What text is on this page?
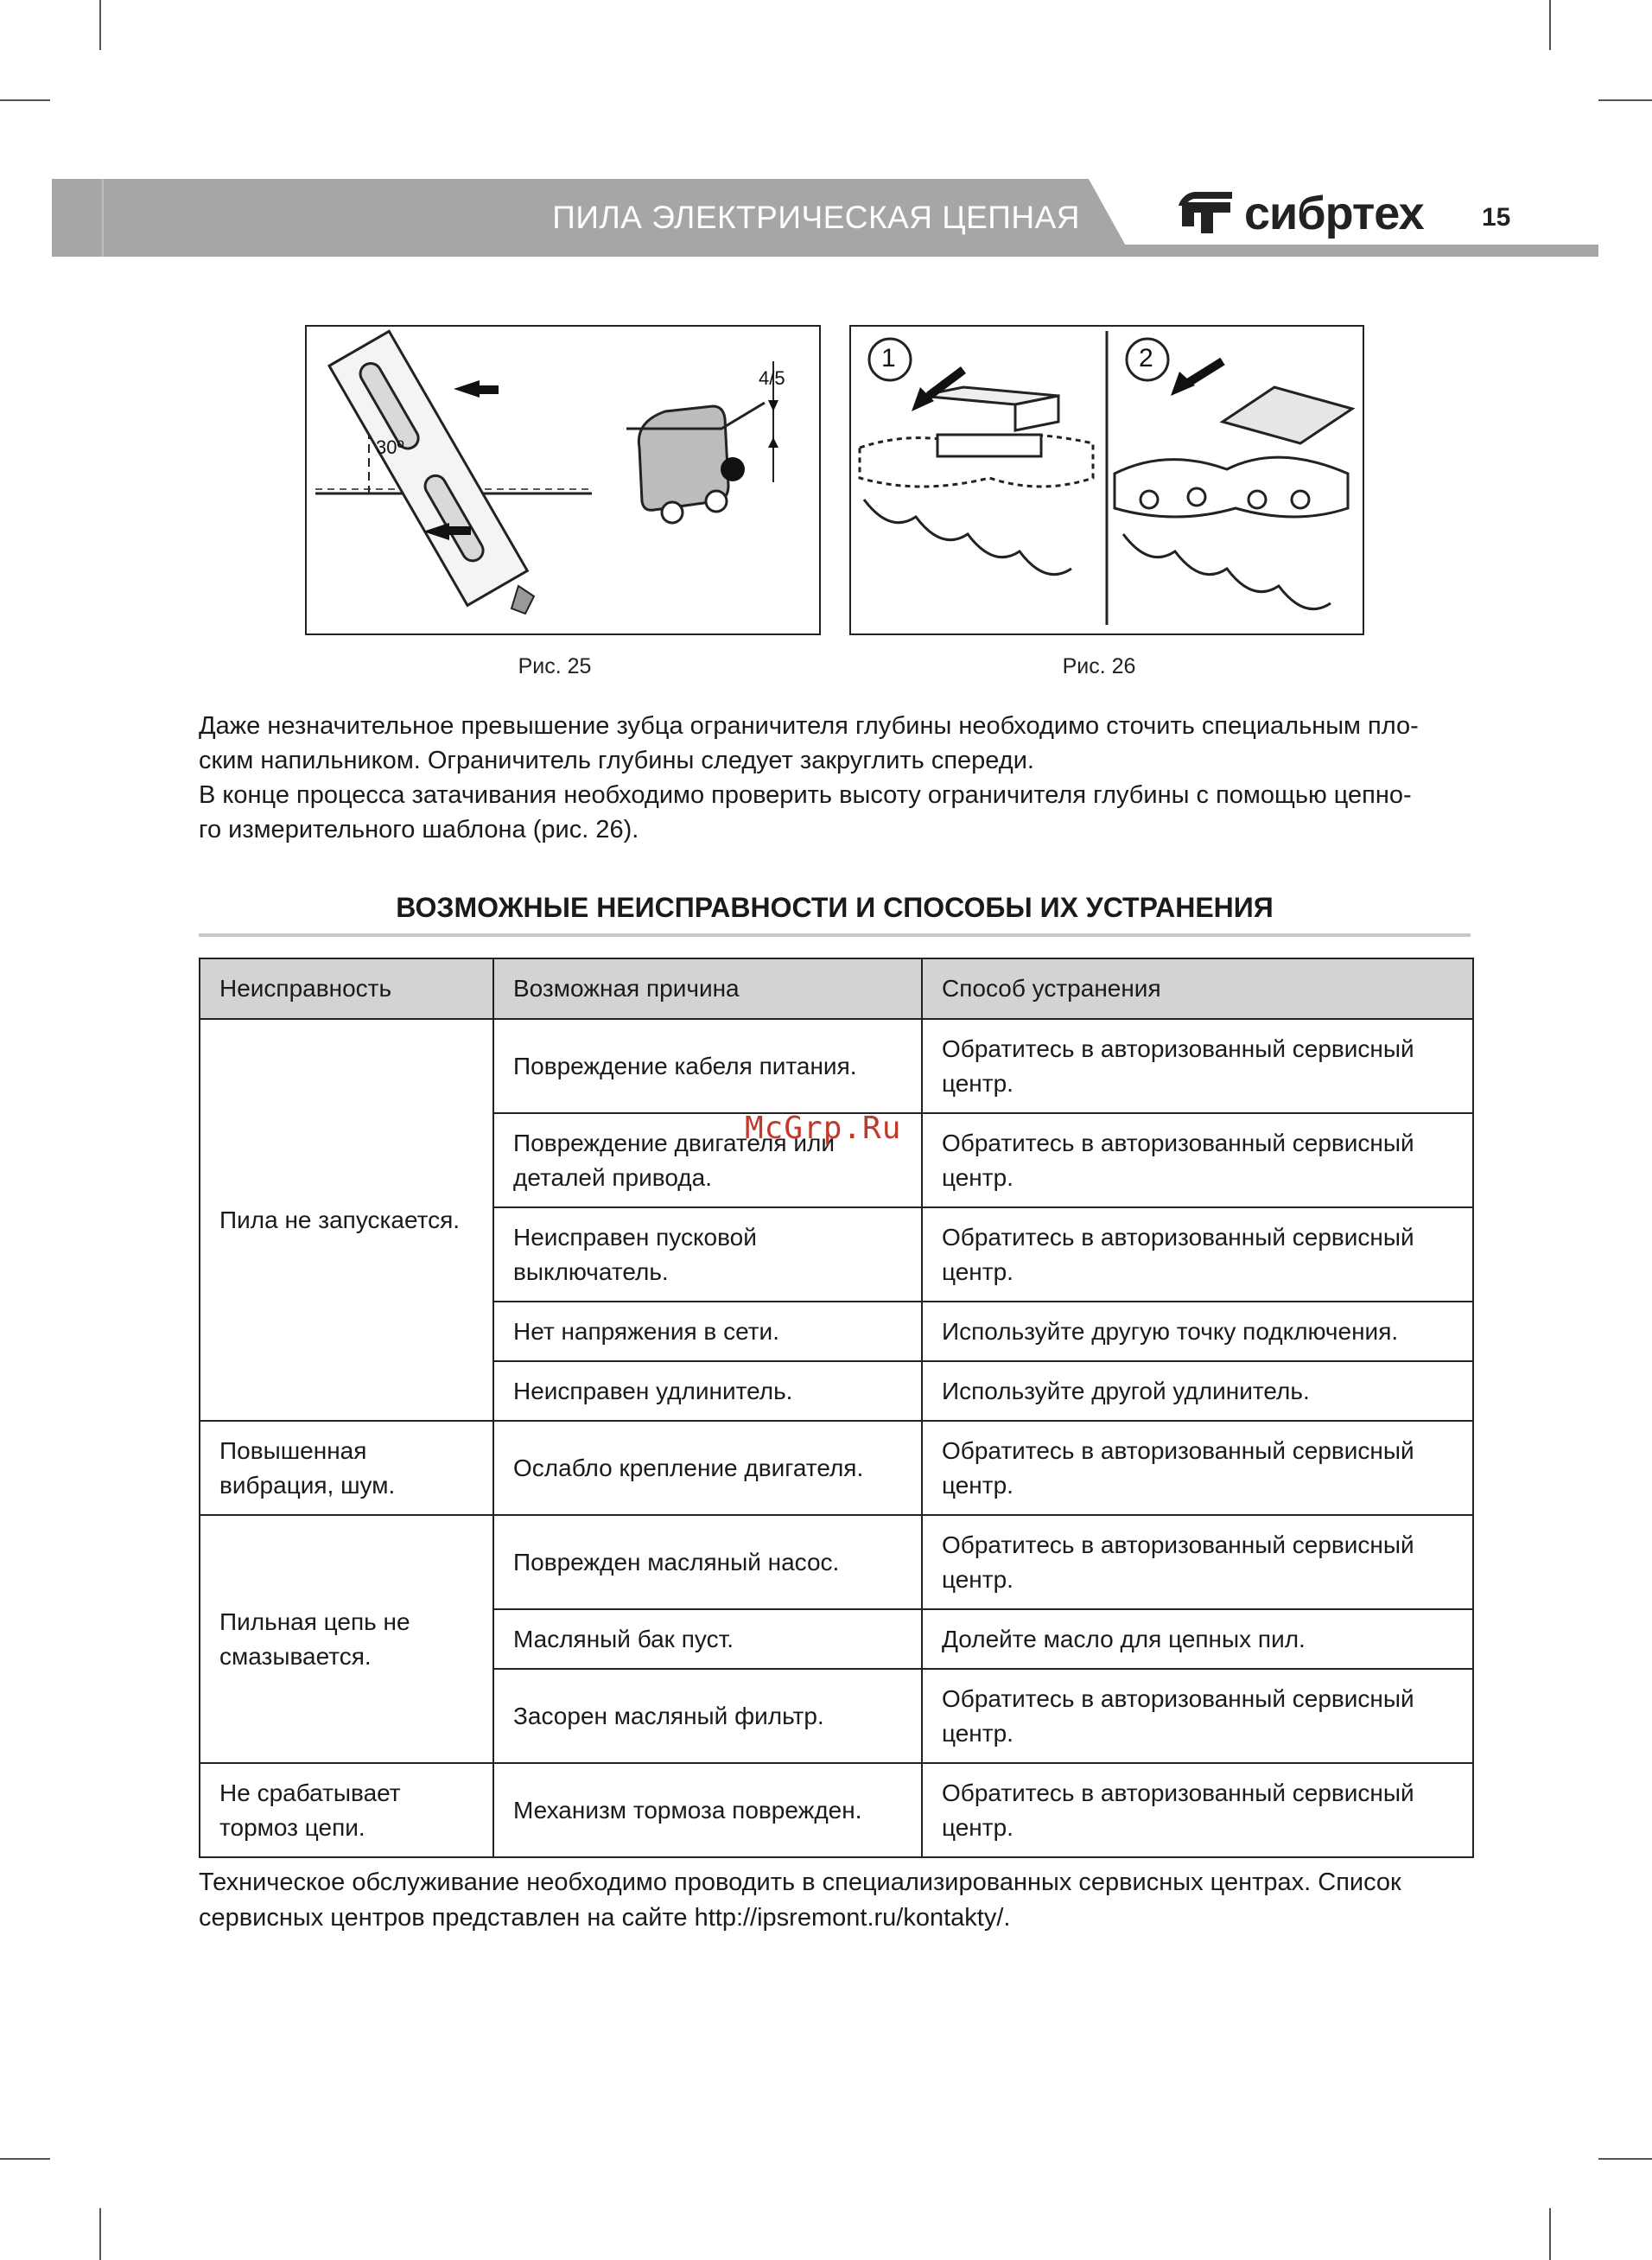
ПИЛА ЭЛЕКТРИЧЕСКАЯ ЦЕПНАЯ	сибртех 15
30º
4/5
Рис. 25
1	2
Рис. 26
Даже незначительное превышение зубца ограничителя глубины необходимо сточить специальным пло-
ским напильником. Ограничитель глубины следует закруглить спереди.
В конце процесса затачивания необходимо проверить высоту ограничителя глубины с помощью цепно-
го измерительного шаблона (рис. 26).
ВОЗМОЖНЫЕ НЕИСПРАВНОСТИ И СПОСОБЫ ИХ УСТРАНЕНИЯ
Неисправность	Возможная причина	Способ устранения
Пила не запускается.	Повреждение кабеля питания.	Обратитесь в авторизованный сервисный центр.
	Повреждение двигателя или деталей привода.	Обратитесь в авторизованный сервисный центр.
	Неисправен пусковой выключатель.	Обратитесь в авторизованный сервисный центр.
	Нет напряжения в сети.	Используйте другую точку подключения.
	Неисправен удлинитель.	Используйте другой удлинитель.
Повышенная вибрация, шум.	Ослабло крепление двигателя.	Обратитесь в авторизованный сервисный центр.
Пильная цепь не смазывается.	Поврежден масляный насос.	Обратитесь в авторизованный сервисный центр.
	Масляный бак пуст.	Долейте масло для цепных пил.
	Засорен масляный фильтр.	Обратитесь в авторизованный сервисный центр.
Не срабатывает тормоз цепи.	Механизм тормоза поврежден.	Обратитесь в авторизованный сервисный центр.
McGrp.Ru
Техническое обслуживание необходимо проводить в специализированных сервисных центрах. Список сервисных центров представлен на сайте http://ipsremont.ru/kontakty/.
